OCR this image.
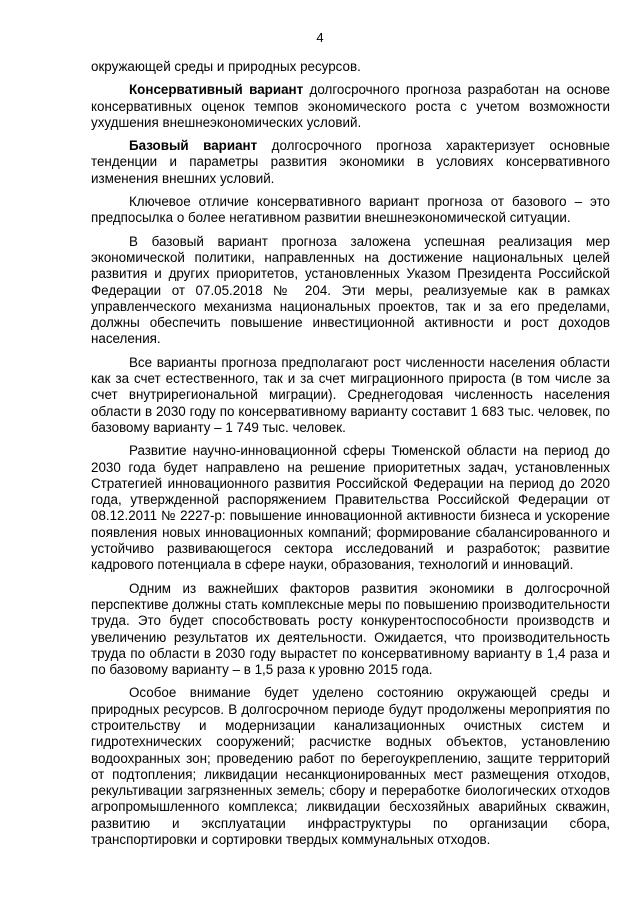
4

окружающей среды и природных ресурсов.

Консервативный вариант долгосрочного прогноза разработан на основе консервативных оценок темпов экономического роста с учетом возможности ухудшения внешнеэкономических условий.

Базовый вариант долгосрочного прогноза характеризует основные тенденции и параметры развития экономики в условиях консервативного изменения внешних условий.

Ключевое отличие консервативного вариант прогноза от базового – это предпосылка о более негативном развитии внешнеэкономической ситуации.

В базовый вариант прогноза заложена успешная реализация мер экономической политики, направленных на достижение национальных целей развития и других приоритетов, установленных Указом Президента Российской Федерации от 07.05.2018 № 204. Эти меры, реализуемые как в рамках управленческого механизма национальных проектов, так и за его пределами, должны обеспечить повышение инвестиционной активности и рост доходов населения.

Все варианты прогноза предполагают рост численности населения области как за счет естественного, так и за счет миграционного прироста (в том числе за счет внутрирегиональной миграции). Среднегодовая численность населения области в 2030 году по консервативному варианту составит 1 683 тыс. человек, по базовому варианту – 1 749 тыс. человек.

Развитие научно-инновационной сферы Тюменской области на период до 2030 года будет направлено на решение приоритетных задач, установленных Стратегией инновационного развития Российской Федерации на период до 2020 года, утвержденной распоряжением Правительства Российской Федерации от 08.12.2011 № 2227-р: повышение инновационной активности бизнеса и ускорение появления новых инновационных компаний; формирование сбалансированного и устойчиво развивающегося сектора исследований и разработок; развитие кадрового потенциала в сфере науки, образования, технологий и инноваций.

Одним из важнейших факторов развития экономики в долгосрочной перспективе должны стать комплексные меры по повышению производительности труда. Это будет способствовать росту конкурентоспособности производств и увеличению результатов их деятельности. Ожидается, что производительность труда по области в 2030 году вырастет по консервативному варианту в 1,4 раза и по базовому варианту – в 1,5 раза к уровню 2015 года.

Особое внимание будет уделено состоянию окружающей среды и природных ресурсов. В долгосрочном периоде будут продолжены мероприятия по строительству и модернизации канализационных очистных систем и гидротехнических сооружений; расчистке водных объектов, установлению водоохранных зон; проведению работ по берегоукреплению, защите территорий от подтопления; ликвидации несанкционированных мест размещения отходов, рекультивации загрязненных земель; сбору и переработке биологических отходов агропромышленного комплекса; ликвидации бесхозяйных аварийных скважин, развитию и эксплуатации инфраструктуры по организации сбора, транспортировки и сортировки твердых коммунальных отходов.
